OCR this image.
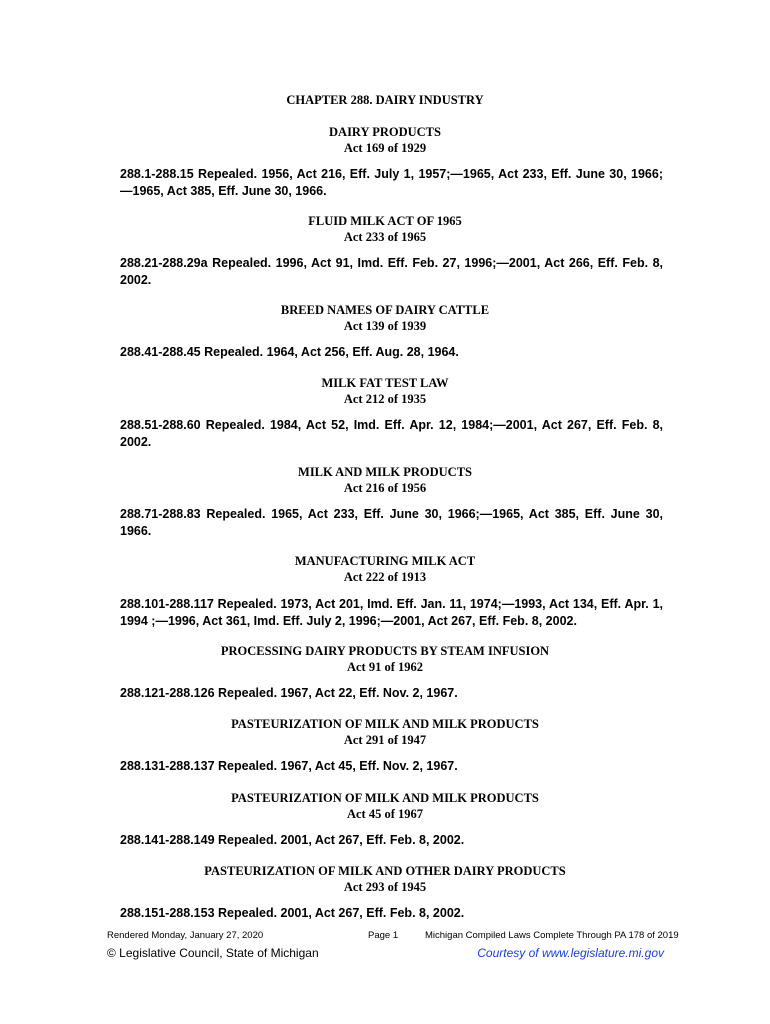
CHAPTER 288. DAIRY INDUSTRY
DAIRY PRODUCTS
Act 169 of 1929
288.1-288.15 Repealed. 1956, Act 216, Eff. July 1, 1957;—1965, Act 233, Eff. June 30, 1966;—1965, Act 385, Eff. June 30, 1966.
FLUID MILK ACT OF 1965
Act 233 of 1965
288.21-288.29a Repealed. 1996, Act 91, Imd. Eff. Feb. 27, 1996;—2001, Act 266, Eff. Feb. 8, 2002.
BREED NAMES OF DAIRY CATTLE
Act 139 of 1939
288.41-288.45 Repealed. 1964, Act 256, Eff. Aug. 28, 1964.
MILK FAT TEST LAW
Act 212 of 1935
288.51-288.60 Repealed. 1984, Act 52, Imd. Eff. Apr. 12, 1984;—2001, Act 267, Eff. Feb. 8, 2002.
MILK AND MILK PRODUCTS
Act 216 of 1956
288.71-288.83 Repealed. 1965, Act 233, Eff. June 30, 1966;—1965, Act 385, Eff. June 30, 1966.
MANUFACTURING MILK ACT
Act 222 of 1913
288.101-288.117 Repealed. 1973, Act 201, Imd. Eff. Jan. 11, 1974;—1993, Act 134, Eff. Apr. 1, 1994 ;—1996, Act 361, Imd. Eff. July 2, 1996;—2001, Act 267, Eff. Feb. 8, 2002.
PROCESSING DAIRY PRODUCTS BY STEAM INFUSION
Act 91 of 1962
288.121-288.126 Repealed. 1967, Act 22, Eff. Nov. 2, 1967.
PASTEURIZATION OF MILK AND MILK PRODUCTS
Act 291 of 1947
288.131-288.137 Repealed. 1967, Act 45, Eff. Nov. 2, 1967.
PASTEURIZATION OF MILK AND MILK PRODUCTS
Act 45 of 1967
288.141-288.149 Repealed. 2001, Act 267, Eff. Feb. 8, 2002.
PASTEURIZATION OF MILK AND OTHER DAIRY PRODUCTS
Act 293 of 1945
288.151-288.153 Repealed. 2001, Act 267, Eff. Feb. 8, 2002.
Rendered Monday, January 27, 2020	Page 1	Michigan Compiled Laws Complete Through PA 178 of 2019
© Legislative Council, State of Michigan	Courtesy of www.legislature.mi.gov
